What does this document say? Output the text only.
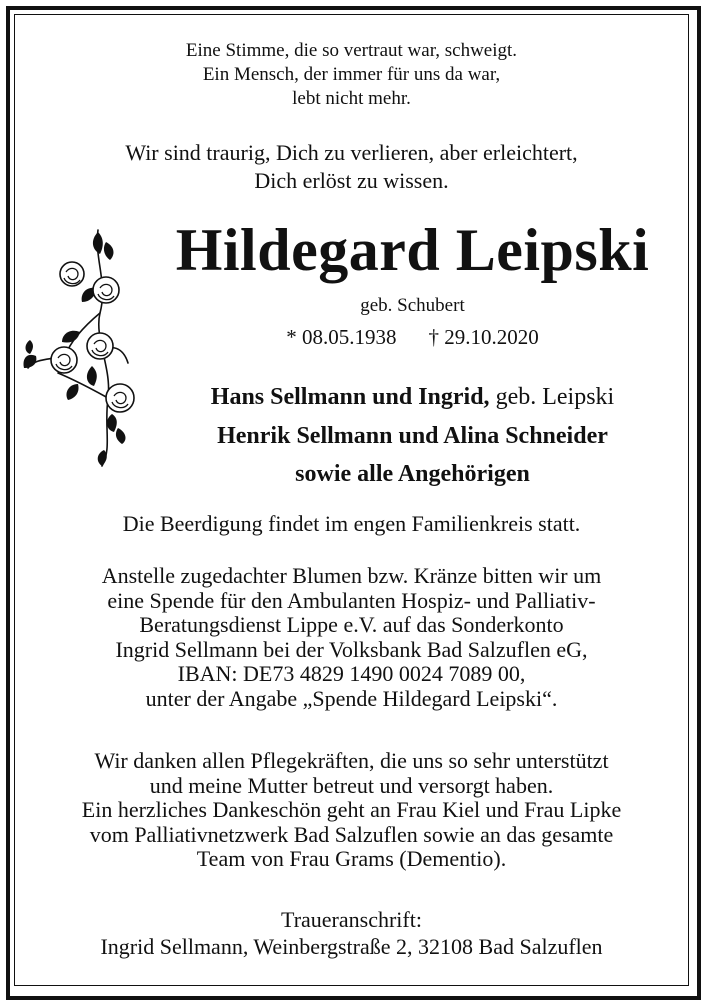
Eine Stimme, die so vertraut war, schweigt.
Ein Mensch, der immer für uns da war,
lebt nicht mehr.
Wir sind traurig, Dich zu verlieren, aber erleichtert,
Dich erlöst zu wissen.
Hildegard Leipski
geb. Schubert
* 08.05.1938 † 29.10.2020
Hans Sellmann und Ingrid, geb. Leipski
Henrik Sellmann und Alina Schneider
sowie alle Angehörigen
Die Beerdigung findet im engen Familienkreis statt.
Anstelle zugedachter Blumen bzw. Kränze bitten wir um
eine Spende für den Ambulanten Hospiz- und Palliativ-
Beratungsdienst Lippe e.V. auf das Sonderkonto
Ingrid Sellmann bei der Volksbank Bad Salzuflen eG,
IBAN: DE73 4829 1490 0024 7089 00,
unter der Angabe „Spende Hildegard Leipski“.
Wir danken allen Pflegekräften, die uns so sehr unterstützt
und meine Mutter betreut und versorgt haben.
Ein herzliches Dankeschön geht an Frau Kiel und Frau Lipke
vom Palliativnetzwerk Bad Salzuflen sowie an das gesamte
Team von Frau Grams (Dementio).
Traueranschrift:
Ingrid Sellmann, Weinbergstraße 2, 32108 Bad Salzuflen
